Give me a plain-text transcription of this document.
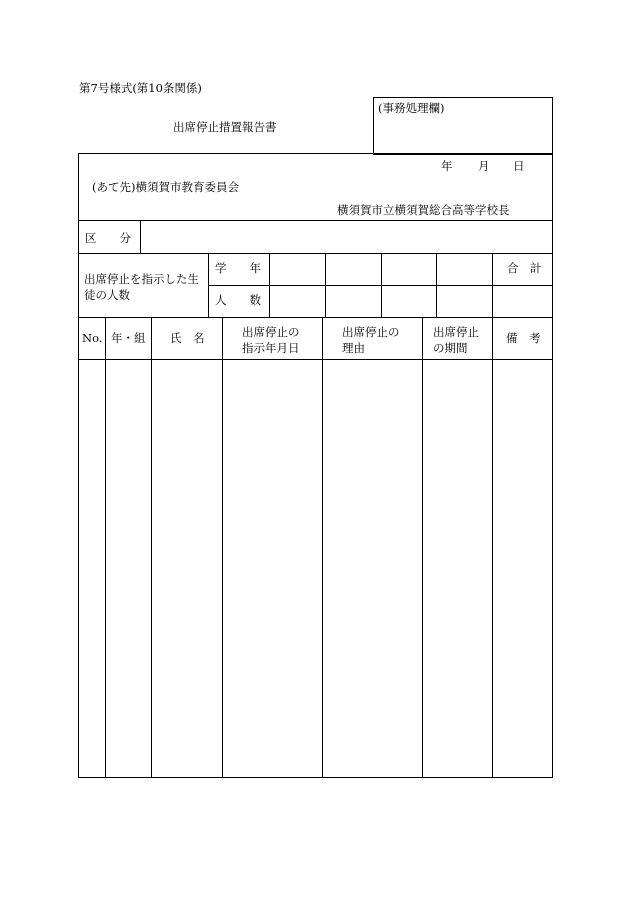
第7号様式(第10条関係)
出席停止措置報告書
(事務処理欄)
年 月 日
(あて先)横須賀市教育委員会
横須賀市立横須賀総合高等学校長
区　　分
出席停止を指示した生徒の人数
学　　年
人　　数
合　計
No. 年・組 氏　名	出席停止の指示年月日
出席停止の理由
出席停止の期間
備　考
